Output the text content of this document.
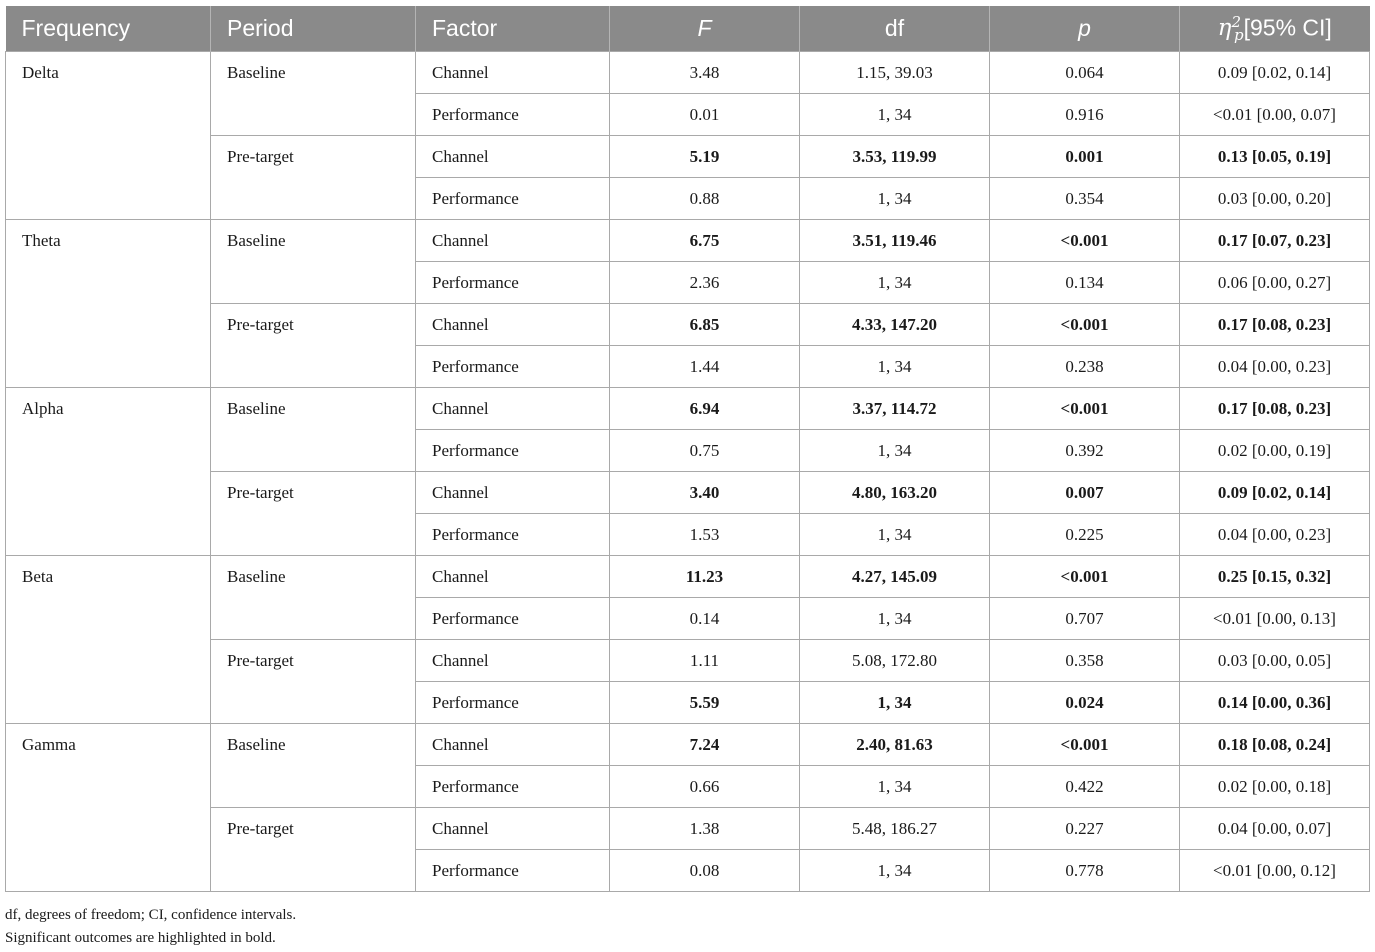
Frequency	Period	Factor	F	df	p	$\eta^2_p[95\%$ CI]
Delta	Baseline	Channel	3.48	1.15, 39.03	0.064	0.09 [0.02, 0.14]
		Performance	0.01	1, 34	0.916	<0.01 [0.00, 0.07]
	Pre-target	Channel	5.19	3.53, 119.99	0.001	0.13 [0.05, 0.19]
		Performance	0.88	1, 34	0.354	0.03 [0.00, 0.20]
Theta	Baseline	Channel	6.75	3.51, 119.46	<0.001	0.17 [0.07, 0.23]
		Performance	2.36	1, 34	0.134	0.06 [0.00, 0.27]
	Pre-target	Channel	6.85	4.33, 147.20	<0.001	0.17 [0.08, 0.23]
		Performance	1.44	1, 34	0.238	0.04 [0.00, 0.23]
Alpha	Baseline	Channel	6.94	3.37, 114.72	<0.001	0.17 [0.08, 0.23]
		Performance	0.75	1, 34	0.392	0.02 [0.00, 0.19]
	Pre-target	Channel	3.40	4.80, 163.20	0.007	0.09 [0.02, 0.14]
		Performance	1.53	1, 34	0.225	0.04 [0.00, 0.23]
Beta	Baseline	Channel	11.23	4.27, 145.09	<0.001	0.25 [0.15, 0.32]
		Performance	0.14	1, 34	0.707	<0.01 [0.00, 0.13]
	Pre-target	Channel	1.11	5.08, 172.80	0.358	0.03 [0.00, 0.05]
		Performance	5.59	1, 34	0.024	0.14 [0.00, 0.36]
Gamma	Baseline	Channel	7.24	2.40, 81.63	<0.001	0.18 [0.08, 0.24]
		Performance	0.66	1, 34	0.422	0.02 [0.00, 0.18]
	Pre-target	Channel	1.38	5.48, 186.27	0.227	0.04 [0.00, 0.07]
		Performance	0.08	1, 34	0.778	<0.01 [0.00, 0.12]
df, degrees of freedom; CI, confidence intervals.
Significant outcomes are highlighted in bold.
